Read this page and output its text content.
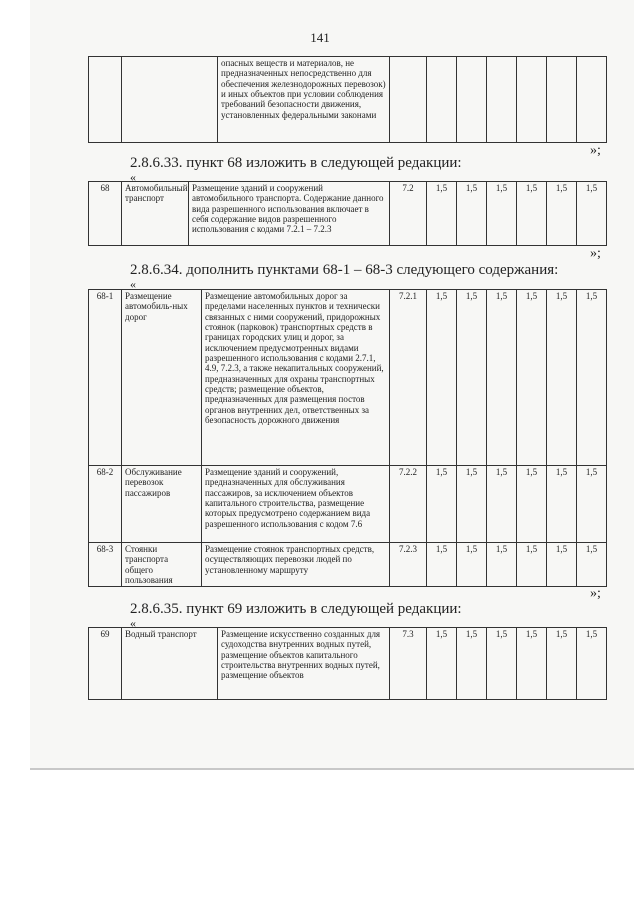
141
		опасных веществ и материалов, не предназначенных непосредственно для обеспечения железнодорожных перевозок) и иных объектов при условии соблюдения требований безопасности движения, установленных федеральными законами							
»;
2.8.6.33. пункт 68 изложить в следующей редакции:
«
68	Автомобильный транспорт	Размещение зданий и сооружений автомобильного транспорта. Содержание данного вида разрешенного использования включает в себя содержание видов разрешенного использования с кодами 7.2.1 – 7.2.3	7.2	1,5	1,5	1,5	1,5	1,5	1,5
»;
2.8.6.34. дополнить пунктами 68-1 – 68-3 следующего содержания:
«
68-1	Размещение автомобиль-ных дорог	Размещение автомобильных дорог за пределами населенных пунктов и технически связанных с ними сооружений, придорожных стоянок (парковок) транспортных средств в границах городских улиц и дорог, за исключением предусмотренных видами разрешенного использования с кодами 2.7.1, 4.9, 7.2.3, а также некапитальных сооружений, предназначенных для охраны транспортных средств; размещение объектов, предназначенных для размещения постов органов внутренних дел, ответственных за безопасность дорожного движения	7.2.1	1,5	1,5	1,5	1,5	1,5	1,5
68-2	Обслуживание перевозок пассажиров	Размещение зданий и сооружений, предназначенных для обслуживания пассажиров, за исключением объектов капитального строительства, размещение которых предусмотрено содержанием вида разрешенного использования с кодом 7.6	7.2.2	1,5	1,5	1,5	1,5	1,5	1,5
68-3	Стоянки транспорта общего пользования	Размещение стоянок транспортных средств, осуществляющих перевозки людей по установленному маршруту	7.2.3	1,5	1,5	1,5	1,5	1,5	1,5
»;
2.8.6.35. пункт 69 изложить в следующей редакции:
«
69	Водный транспорт	Размещение искусственно созданных для судоходства внутренних водных путей, размещение объектов капитального строительства внутренних водных путей, размещение объектов	7.3	1,5	1,5	1,5	1,5	1,5	1,5
